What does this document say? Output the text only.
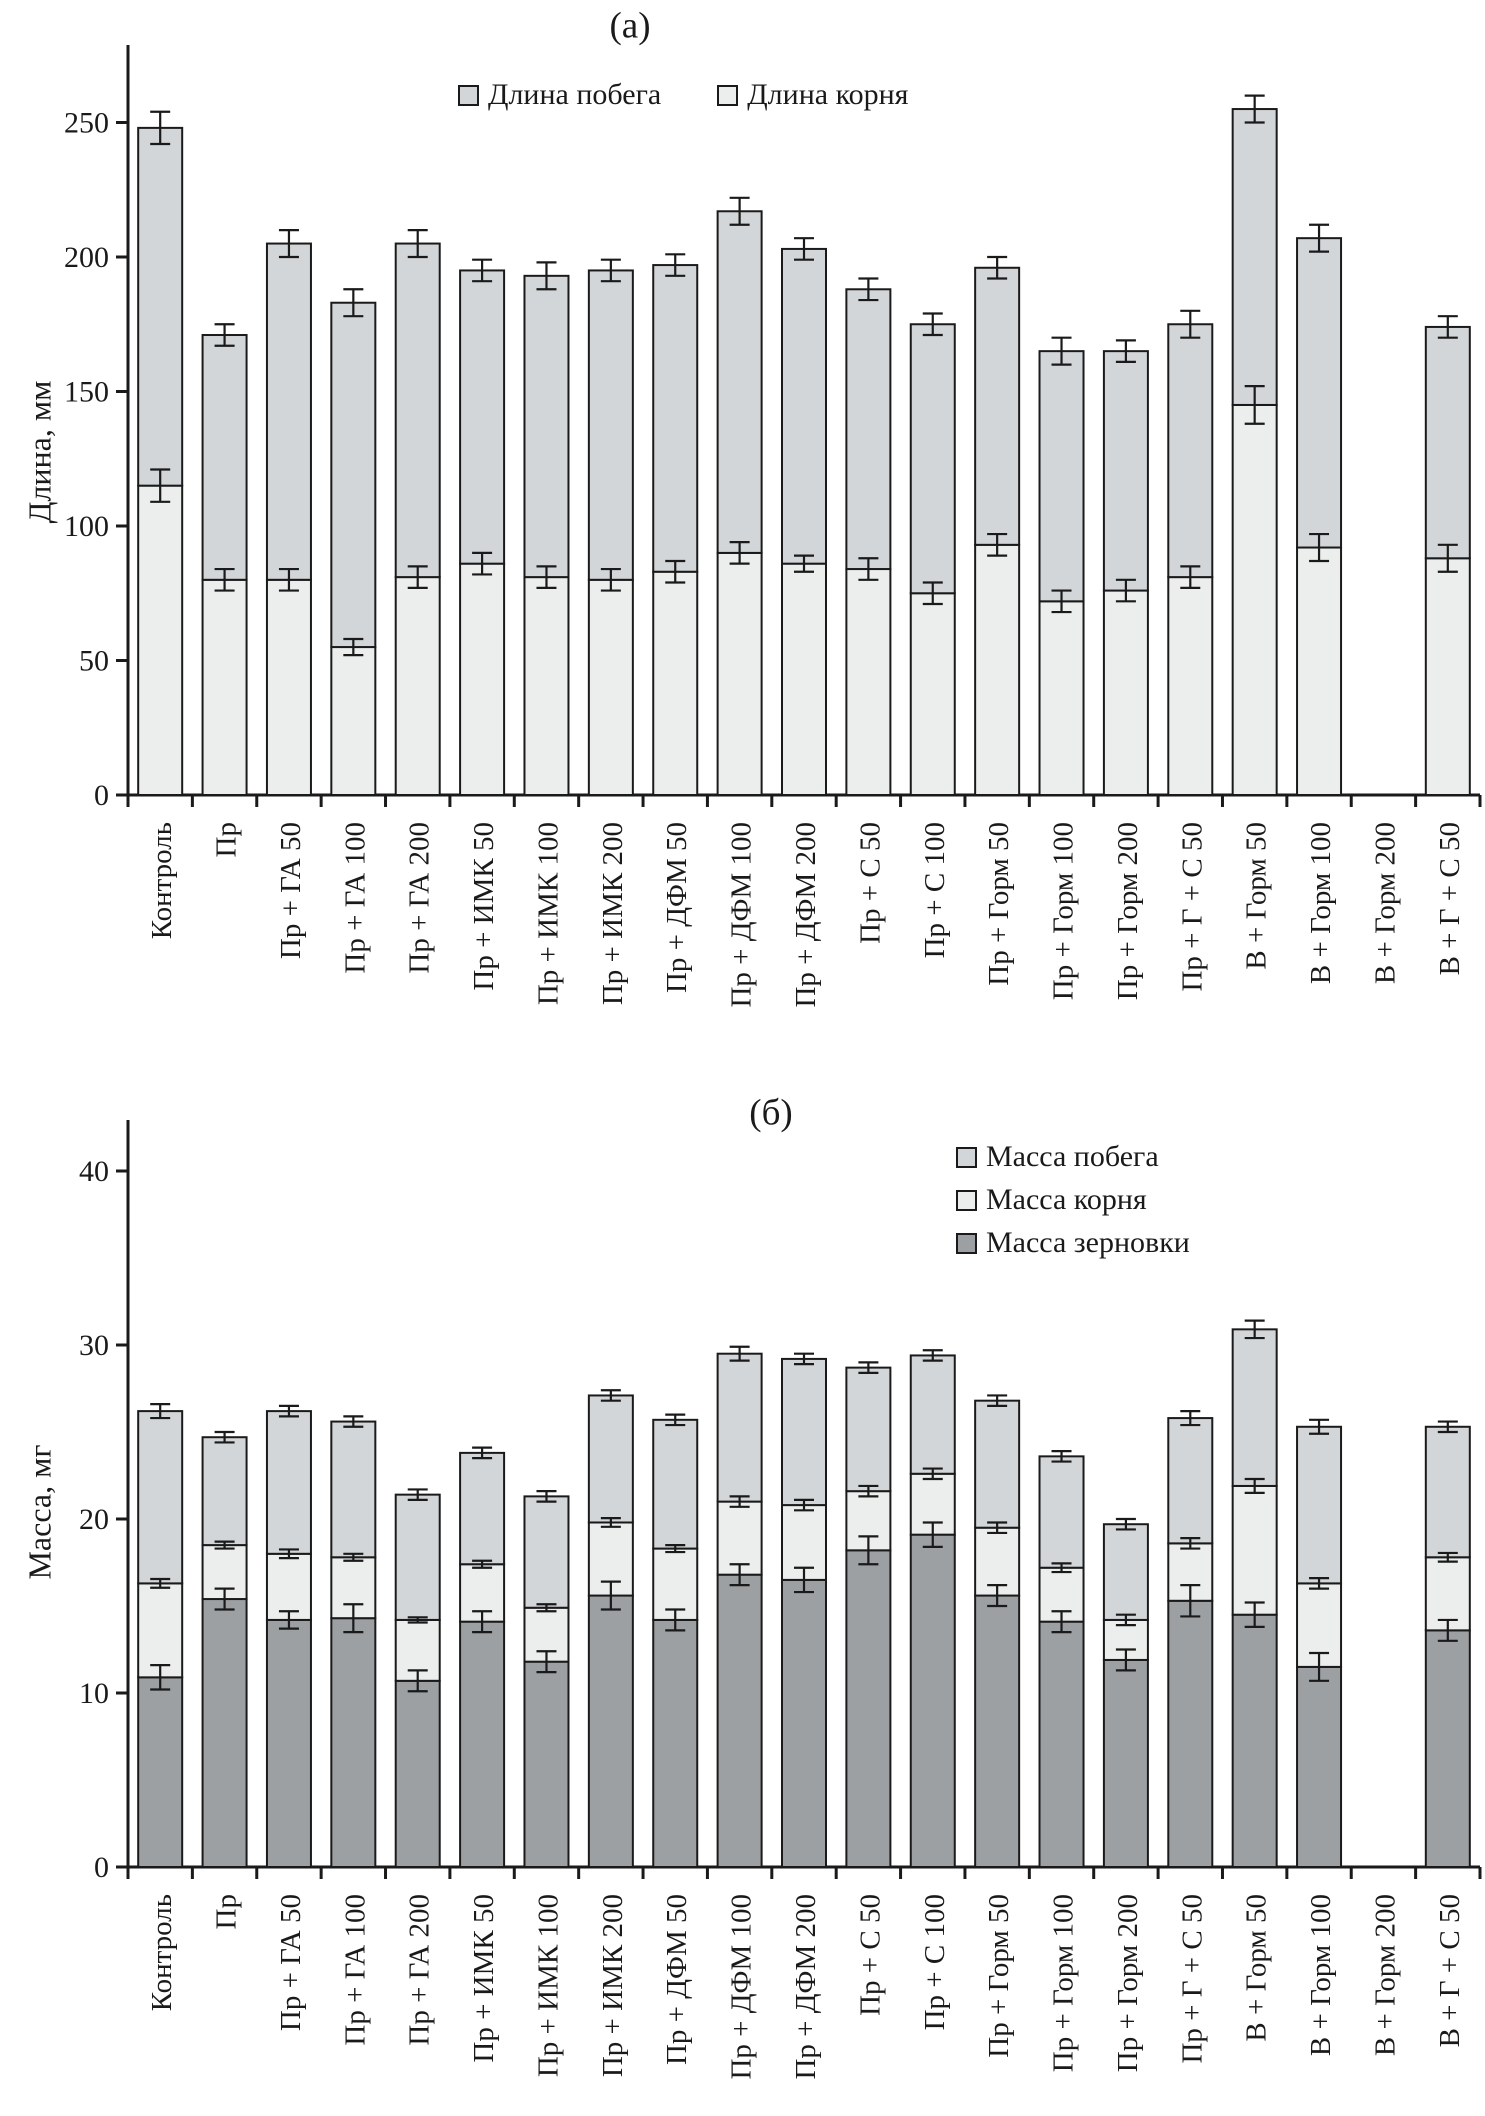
0
50
100
150
200
250
Контроль Пр Пр + ГА 50 Пр + ГА 100 Пр + ГА 200 Пр + ИМК 50 Пр + ИМК 100 Пр + ИМК 200 Пр + ДФМ 50 Пр + ДФМ 100 Пр + ДФМ 200 Пр + С 50 Пр + С 100 Пр + Горм 50 Пр + Горм 100 Пр + Горм 200 Пр + Г + С 50 В + Горм 50 В + Горм 100 В + Горм 200 В + Г + С 50
0
10
20
30
40
Контроль Пр Пр + ГА 50 Пр + ГА 100 Пр + ГА 200 Пр + ИМК 50 Пр + ИМК 100 Пр + ИМК 200 Пр + ДФМ 50 Пр + ДФМ 100 Пр + ДФМ 200 Пр + С 50 Пр + С 100 Пр + Горм 50 Пр + Горм 100 Пр + Горм 200 Пр + Г + С 50 В + Горм 50 В + Горм 100 В + Горм 200 В + Г + С 50
(а)
(б)
Длина, мм
Масса, мг
Длина побега	Длина корня
Масса побега
Масса корня
Масса зерновки
